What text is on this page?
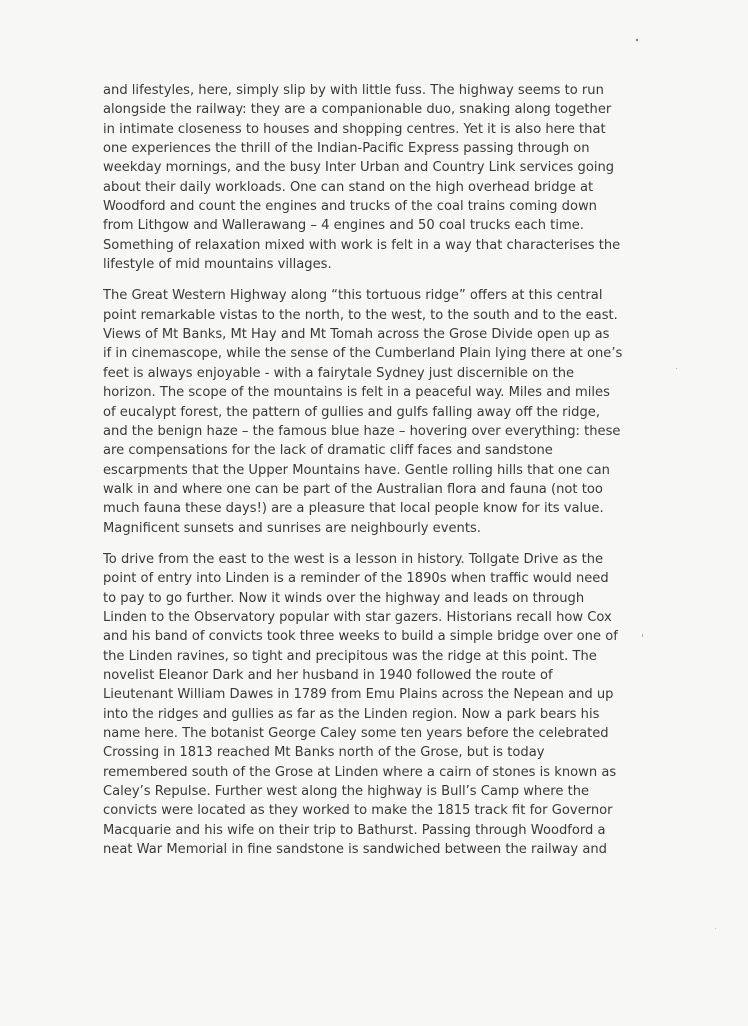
and lifestyles, here, simply slip by with little fuss. The highway seems to run
alongside the railway: they are a companionable duo, snaking along together
in intimate closeness to houses and shopping centres. Yet it is also here that
one experiences the thrill of the Indian-Pacific Express passing through on
weekday mornings, and the busy Inter Urban and Country Link services going
about their daily workloads. One can stand on the high overhead bridge at
Woodford and count the engines and trucks of the coal trains coming down
from Lithgow and Wallerawang – 4 engines and 50 coal trucks each time.
Something of relaxation mixed with work is felt in a way that characterises the
lifestyle of mid mountains villages.
The Great Western Highway along “this tortuous ridge” offers at this central
point remarkable vistas to the north, to the west, to the south and to the east.
Views of Mt Banks, Mt Hay and Mt Tomah across the Grose Divide open up as
if in cinemascope, while the sense of the Cumberland Plain lying there at one’s
feet is always enjoyable - with a fairytale Sydney just discernible on the
horizon. The scope of the mountains is felt in a peaceful way. Miles and miles
of eucalypt forest, the pattern of gullies and gulfs falling away off the ridge,
and the benign haze – the famous blue haze – hovering over everything: these
are compensations for the lack of dramatic cliff faces and sandstone
escarpments that the Upper Mountains have. Gentle rolling hills that one can
walk in and where one can be part of the Australian flora and fauna (not too
much fauna these days!) are a pleasure that local people know for its value.
Magnificent sunsets and sunrises are neighbourly events.
To drive from the east to the west is a lesson in history. Tollgate Drive as the
point of entry into Linden is a reminder of the 1890s when traffic would need
to pay to go further. Now it winds over the highway and leads on through
Linden to the Observatory popular with star gazers. Historians recall how Cox
and his band of convicts took three weeks to build a simple bridge over one of
the Linden ravines, so tight and precipitous was the ridge at this point. The
novelist Eleanor Dark and her husband in 1940 followed the route of
Lieutenant William Dawes in 1789 from Emu Plains across the Nepean and up
into the ridges and gullies as far as the Linden region. Now a park bears his
name here. The botanist George Caley some ten years before the celebrated
Crossing in 1813 reached Mt Banks north of the Grose, but is today
remembered south of the Grose at Linden where a cairn of stones is known as
Caley’s Repulse. Further west along the highway is Bull’s Camp where the
convicts were located as they worked to make the 1815 track fit for Governor
Macquarie and his wife on their trip to Bathurst. Passing through Woodford a
neat War Memorial in fine sandstone is sandwiched between the railway and
